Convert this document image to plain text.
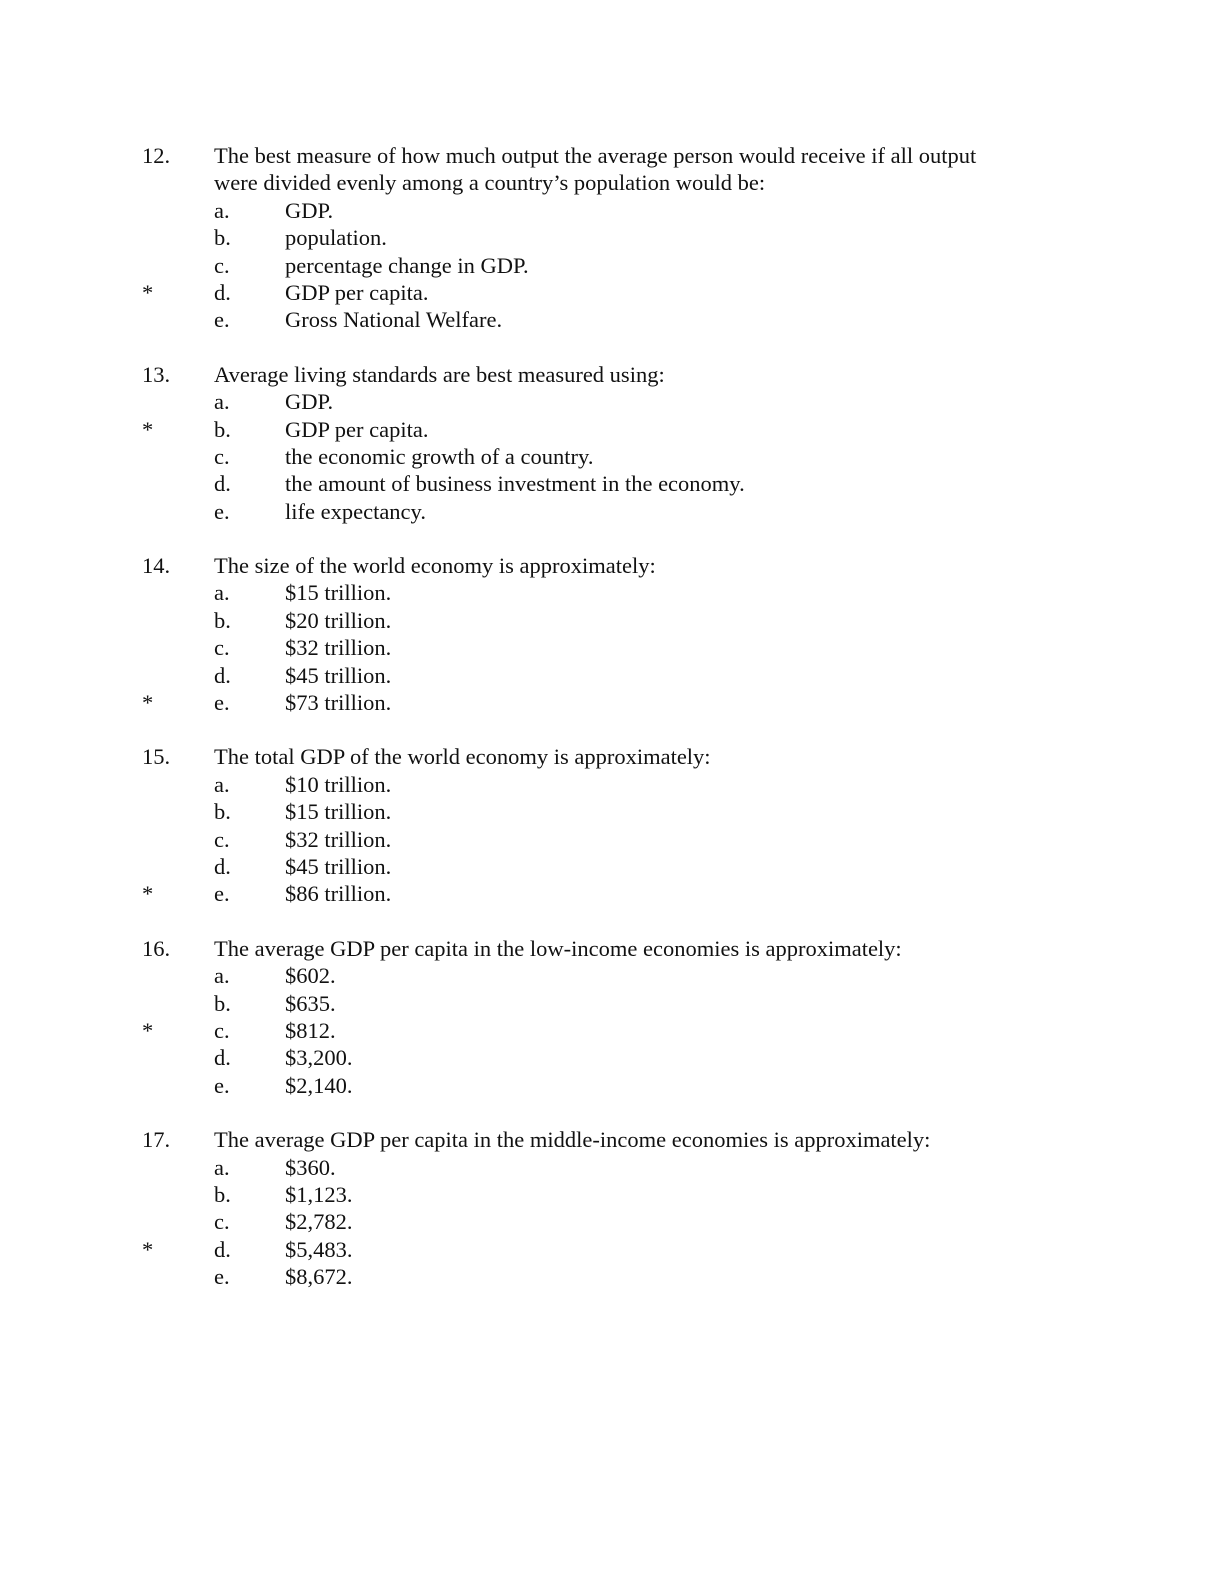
12. The best measure of how much output the average person would receive if all output
were divided evenly among a country’s population would be:
a. GDP.
b. population.
c. percentage change in GDP.
*	d. GDP per capita.
e. Gross National Welfare.
13. Average living standards are best measured using:
a. GDP.
*	b. GDP per capita.
c. the economic growth of a country.
d. the amount of business investment in the economy.
e. life expectancy.
14. The size of the world economy is approximately:
a. $15 trillion.
b. $20 trillion.
c. $32 trillion.
d. $45 trillion.
*	e. $73 trillion.
15. The total GDP of the world economy is approximately:
a. $10 trillion.
b. $15 trillion.
c. $32 trillion.
d. $45 trillion.
*	e. $86 trillion.
16. The average GDP per capita in the low-income economies is approximately:
a. $602.
b. $635.
*	c. $812.
d. $3,200.
e. $2,140.
17. The average GDP per capita in the middle-income economies is approximately:
a. $360.
b. $1,123.
c. $2,782.
*	d. $5,483.
e. $8,672.
